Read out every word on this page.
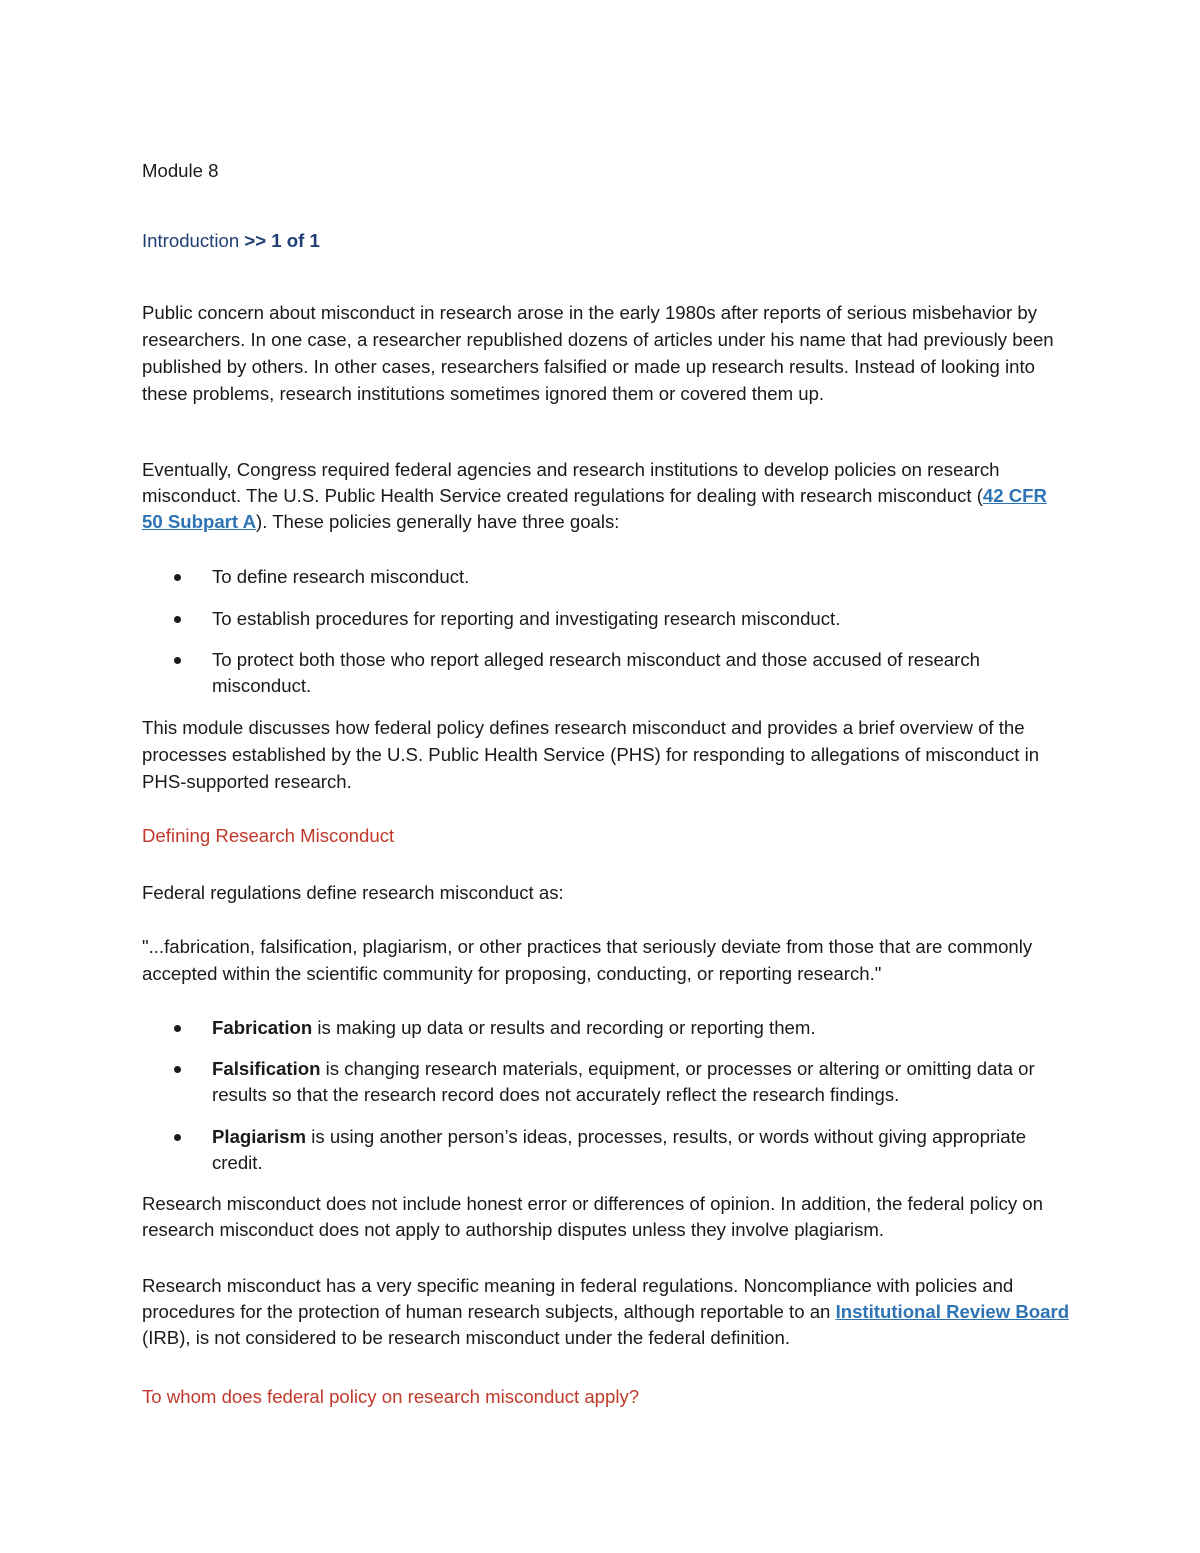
Module 8

Introduction >> 1 of 1

Public concern about misconduct in research arose in the early 1980s after reports of serious misbehavior by researchers. In one case, a researcher republished dozens of articles under his name that had previously been published by others. In other cases, researchers falsified or made up research results. Instead of looking into these problems, research institutions sometimes ignored them or covered them up.

Eventually, Congress required federal agencies and research institutions to develop policies on research misconduct. The U.S. Public Health Service created regulations for dealing with research misconduct (42 CFR 50 Subpart A). These policies generally have three goals:

To define research misconduct.
To establish procedures for reporting and investigating research misconduct.
To protect both those who report alleged research misconduct and those accused of research misconduct.

This module discusses how federal policy defines research misconduct and provides a brief overview of the processes established by the U.S. Public Health Service (PHS) for responding to allegations of misconduct in PHS-supported research.

Defining Research Misconduct

Federal regulations define research misconduct as:

"...fabrication, falsification, plagiarism, or other practices that seriously deviate from those that are commonly accepted within the scientific community for proposing, conducting, or reporting research."

Fabrication is making up data or results and recording or reporting them.
Falsification is changing research materials, equipment, or processes or altering or omitting data or results so that the research record does not accurately reflect the research findings.
Plagiarism is using another person’s ideas, processes, results, or words without giving appropriate credit.

Research misconduct does not include honest error or differences of opinion. In addition, the federal policy on research misconduct does not apply to authorship disputes unless they involve plagiarism.

Research misconduct has a very specific meaning in federal regulations. Noncompliance with policies and procedures for the protection of human research subjects, although reportable to an Institutional Review Board (IRB), is not considered to be research misconduct under the federal definition.

To whom does federal policy on research misconduct apply?
